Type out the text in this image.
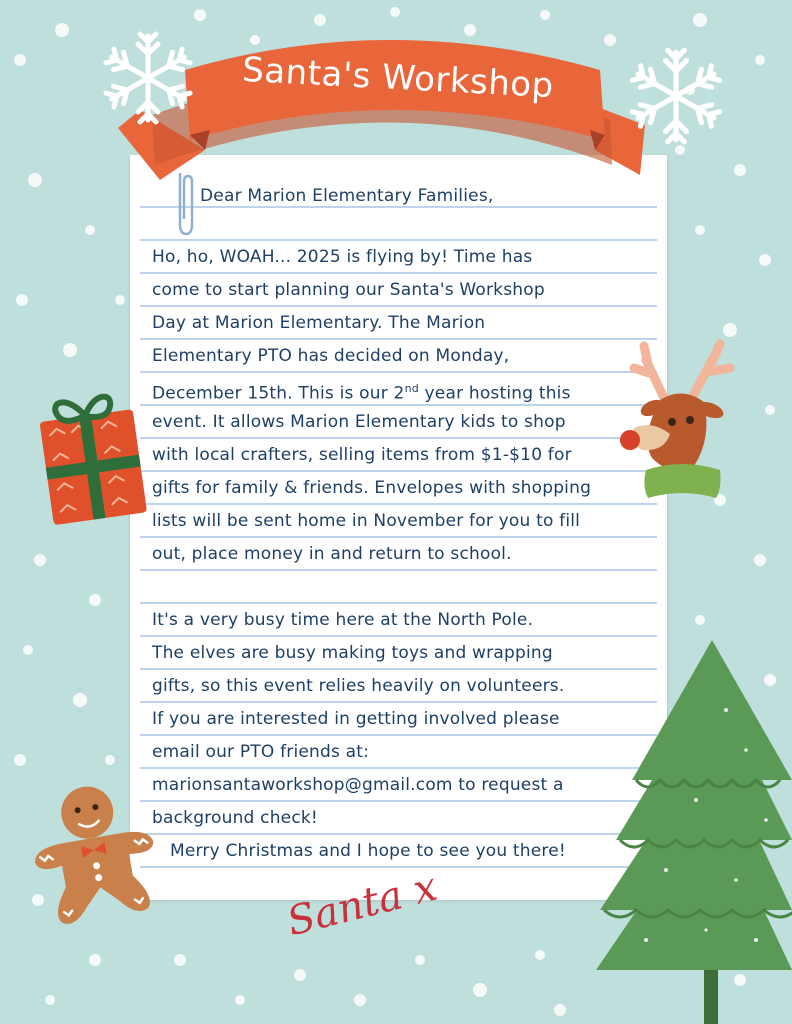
Dear Marion Elementary Families,
Ho, ho, WOAH... 2025 is flying by! Time has
come to start planning our Santa's Workshop
Day at Marion Elementary. The Marion
Elementary PTO has decided on Monday,
December 15th. This is our 2nd year hosting this
event. It allows Marion Elementary kids to shop
with local crafters, selling items from $1-$10 for
gifts for family & friends. Envelopes with shopping
lists will be sent home in November for you to fill
out, place money in and return to school.
It's a very busy time here at the North Pole.
The elves are busy making toys and wrapping
gifts, so this event relies heavily on volunteers.
If you are interested in getting involved please
email our PTO friends at:
marionsantaworkshop@gmail.com to request a
background check!
Merry Christmas and I hope to see you there!
Santa's Workshop
Santa x
